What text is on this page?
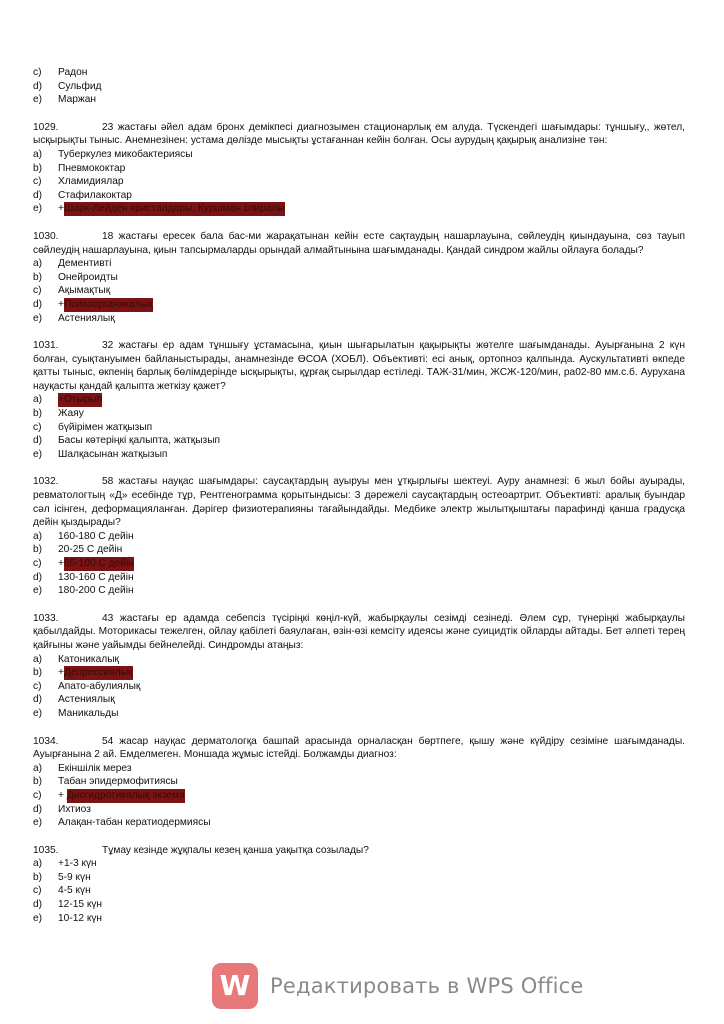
c)	Радон
d)	Сульфид
e)	Маржан
1029.	23 жастағы әйел адам бронх демікпесі диагнозымен стационарлық ем алуда. Түскендегі шағымдары: тұншығу,, жөтел, ысқырықты тыныс. Анемнезінен: устама дөлізде мысықты ұстағаннан кейін болған. Осы аурудың қақырық анализіне тән:
a)	Туберкулез микобактериясы
b)	Пневмококтар
c)	Хламидиялар
d)	Стафилакоктар
e)	+ Шарк-Лейден кристалдары, Куршман спиралы
1030.	18 жастағы ересек бала бас-ми жарақатынан кейін есте сақтаудың нашарлауына, сөйлеудің қиындауына, сөз тауып сөйлеудің нашарлауына, қиын тапсырмаларды орындай алмайтынына шағымданады. Қандай синдром жайлы ойлауға болады?
a)	Дементивті
b)	Онейроидты
c)	Ақымақтық
d)	+ Психоорганикалық
e)	Астениялық
1031.	32 жастағы ер адам тұншығу ұстамасына, қиын шығарылатын қақырықты жөтелге шағымданады. Ауырғанына 2 күн болған, суықтануымен байланыстырады, анамнезінде ӨСОА (ХОБЛ). Объективті: есі анық, ортопноэ қалпында. Аускультативті өкпеде қатты тыныс, өкпенің барлық бөлімдерінде ысқырықты, құрғақ сырылдар естіледі. ТАЖ-31/мин, ЖСЖ-120/мин, pa02-80 мм.с.б. Аурухана науқасты қандай қалыпта жеткізу қажет?
a)	+Отырып
b)	Жаяу
c)	бүйірімен жатқызып
d)	Басы көтеріңкі қалыпта, жатқызып
e)	Шалқасынан жатқызып
1032.	58 жастағы науқас шағымдары: саусақтардың ауыруы мен ұтқырлығы шектеуі. Ауру анамнезі: 6 жыл бойы ауырады, ревматологтың «Д» есебінде тұр, Рентгенограмма қорытындысы: 3 дәрежелі саусақтардың остеоартрит. Объективті: аралық буындар сәл ісінген, деформацияланған. Дәрігер физиотерапияны тағайындайды. Медбике электр жылытқыштағы парафинді қанша градусқа дейін қыздырады?
a)	160-180 С дейін
b)	20-25 С дейін
c)	+ 65-100 С дейін
d)	130-160 С дейін
e)	180-200 С дейін
1033.	43 жастағы ер адамда себепсіз түсіріңкі көңіл-күй, жабырқаулы сезімді сезінеді. Әлем сұр, түнеріңкі жабырқаулы қабылдайды. Моторикасы тежелген, ойлау қабілеті баяулаған, өзін-өзі кемсіту идеясы және суицидтік ойларды айтады. Бет әлпеті терең қайғыны және уайымды бейнелейді. Синдромды атаңыз:
a)	Катоникалық
b)	+ Депрессиялық
c)	Апато-абулиялық
d)	Астениялық
e)	Маникальды
1034.	54 жасар науқас дерматологқа башпай арасында орналасқан бөртпеге, қышу және күйдіру сезіміне шағымданады. Ауырғанына 2 ай. Емделмеген. Моншада жұмыс істейді. Болжамды диагноз:
a)	Екіншілік мерез
b)	Табан эпидермофитиясы
c)	+ Дисгидротикалық экзема
d)	Ихтиоз
e)	Алақан-табан кератиодермиясы
1035.	Тұмау кезінде жұқпалы кезең қанша уақытқа созылады?
a)	+1-3 күн
b)	5-9 күн
c)	4-5 күн
d)	12-15 күн
e)	10-12 күн
W Редактировать в WPS Office
